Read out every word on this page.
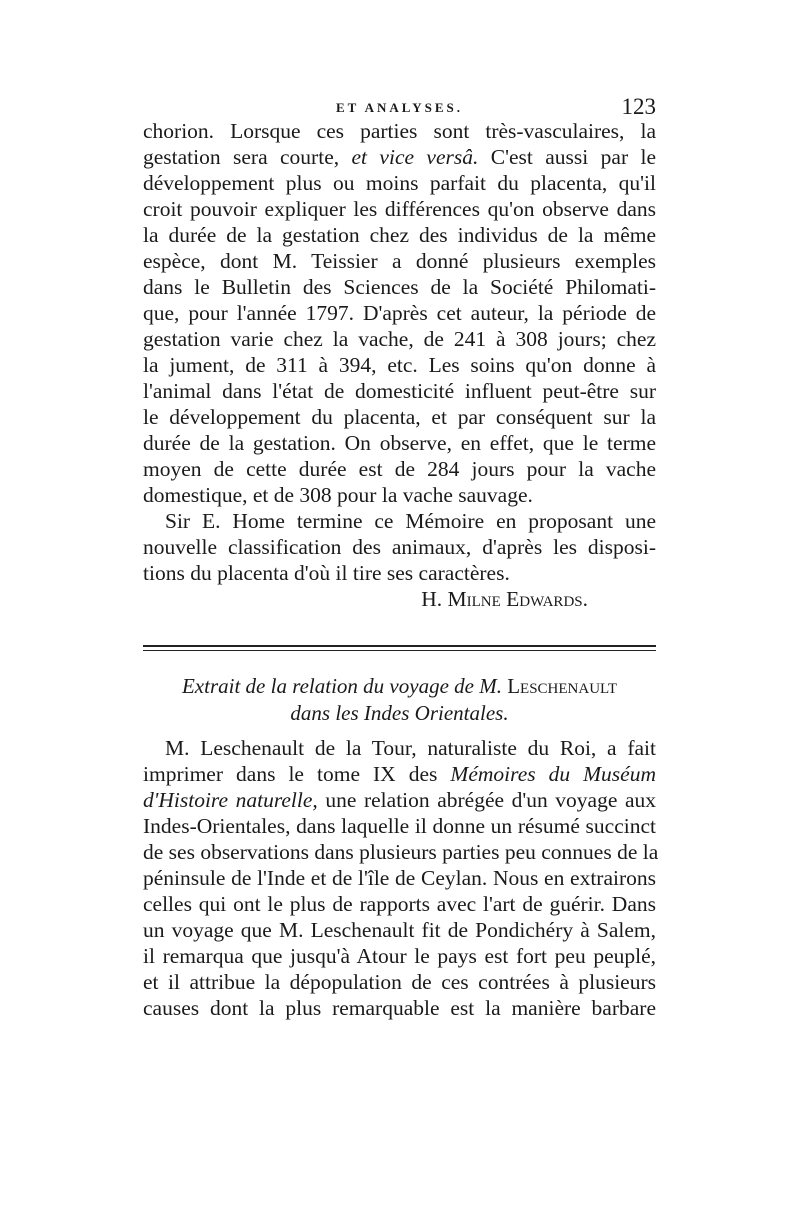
ET ANALYSES.	123
chorion. Lorsque ces parties sont très-vasculaires, la
gestation sera courte, et vice versâ. C'est aussi par le
développement plus ou moins parfait du placenta, qu'il
croit pouvoir expliquer les différences qu'on observe dans
la durée de la gestation chez des individus de la même
espèce, dont M. Teissier a donné plusieurs exemples
dans le Bulletin des Sciences de la Société Philomati-
que, pour l'année 1797. D'après cet auteur, la période de
gestation varie chez la vache, de 241 à 308 jours; chez
la jument, de 311 à 394, etc. Les soins qu'on donne à
l'animal dans l'état de domesticité influent peut-être sur
le développement du placenta, et par conséquent sur la
durée de la gestation. On observe, en effet, que le terme
moyen de cette durée est de 284 jours pour la vache
domestique, et de 308 pour la vache sauvage.
Sir E. Home termine ce Mémoire en proposant une
nouvelle classification des animaux, d'après les disposi-
tions du placenta d'où il tire ses caractères.
H. Milne Edwards.
Extrait de la relation du voyage de M. Leschenault
dans les Indes Orientales.
M. Leschenault de la Tour, naturaliste du Roi, a fait
imprimer dans le tome IX des Mémoires du Muséum
d'Histoire naturelle, une relation abrégée d'un voyage aux
Indes-Orientales, dans laquelle il donne un résumé succinct
de ses observations dans plusieurs parties peu connues de la
péninsule de l'Inde et de l'île de Ceylan. Nous en extrairons
celles qui ont le plus de rapports avec l'art de guérir. Dans
un voyage que M. Leschenault fit de Pondichéry à Salem,
il remarqua que jusqu'à Atour le pays est fort peu peuplé,
et il attribue la dépopulation de ces contrées à plusieurs
causes dont la plus remarquable est la manière barbare
